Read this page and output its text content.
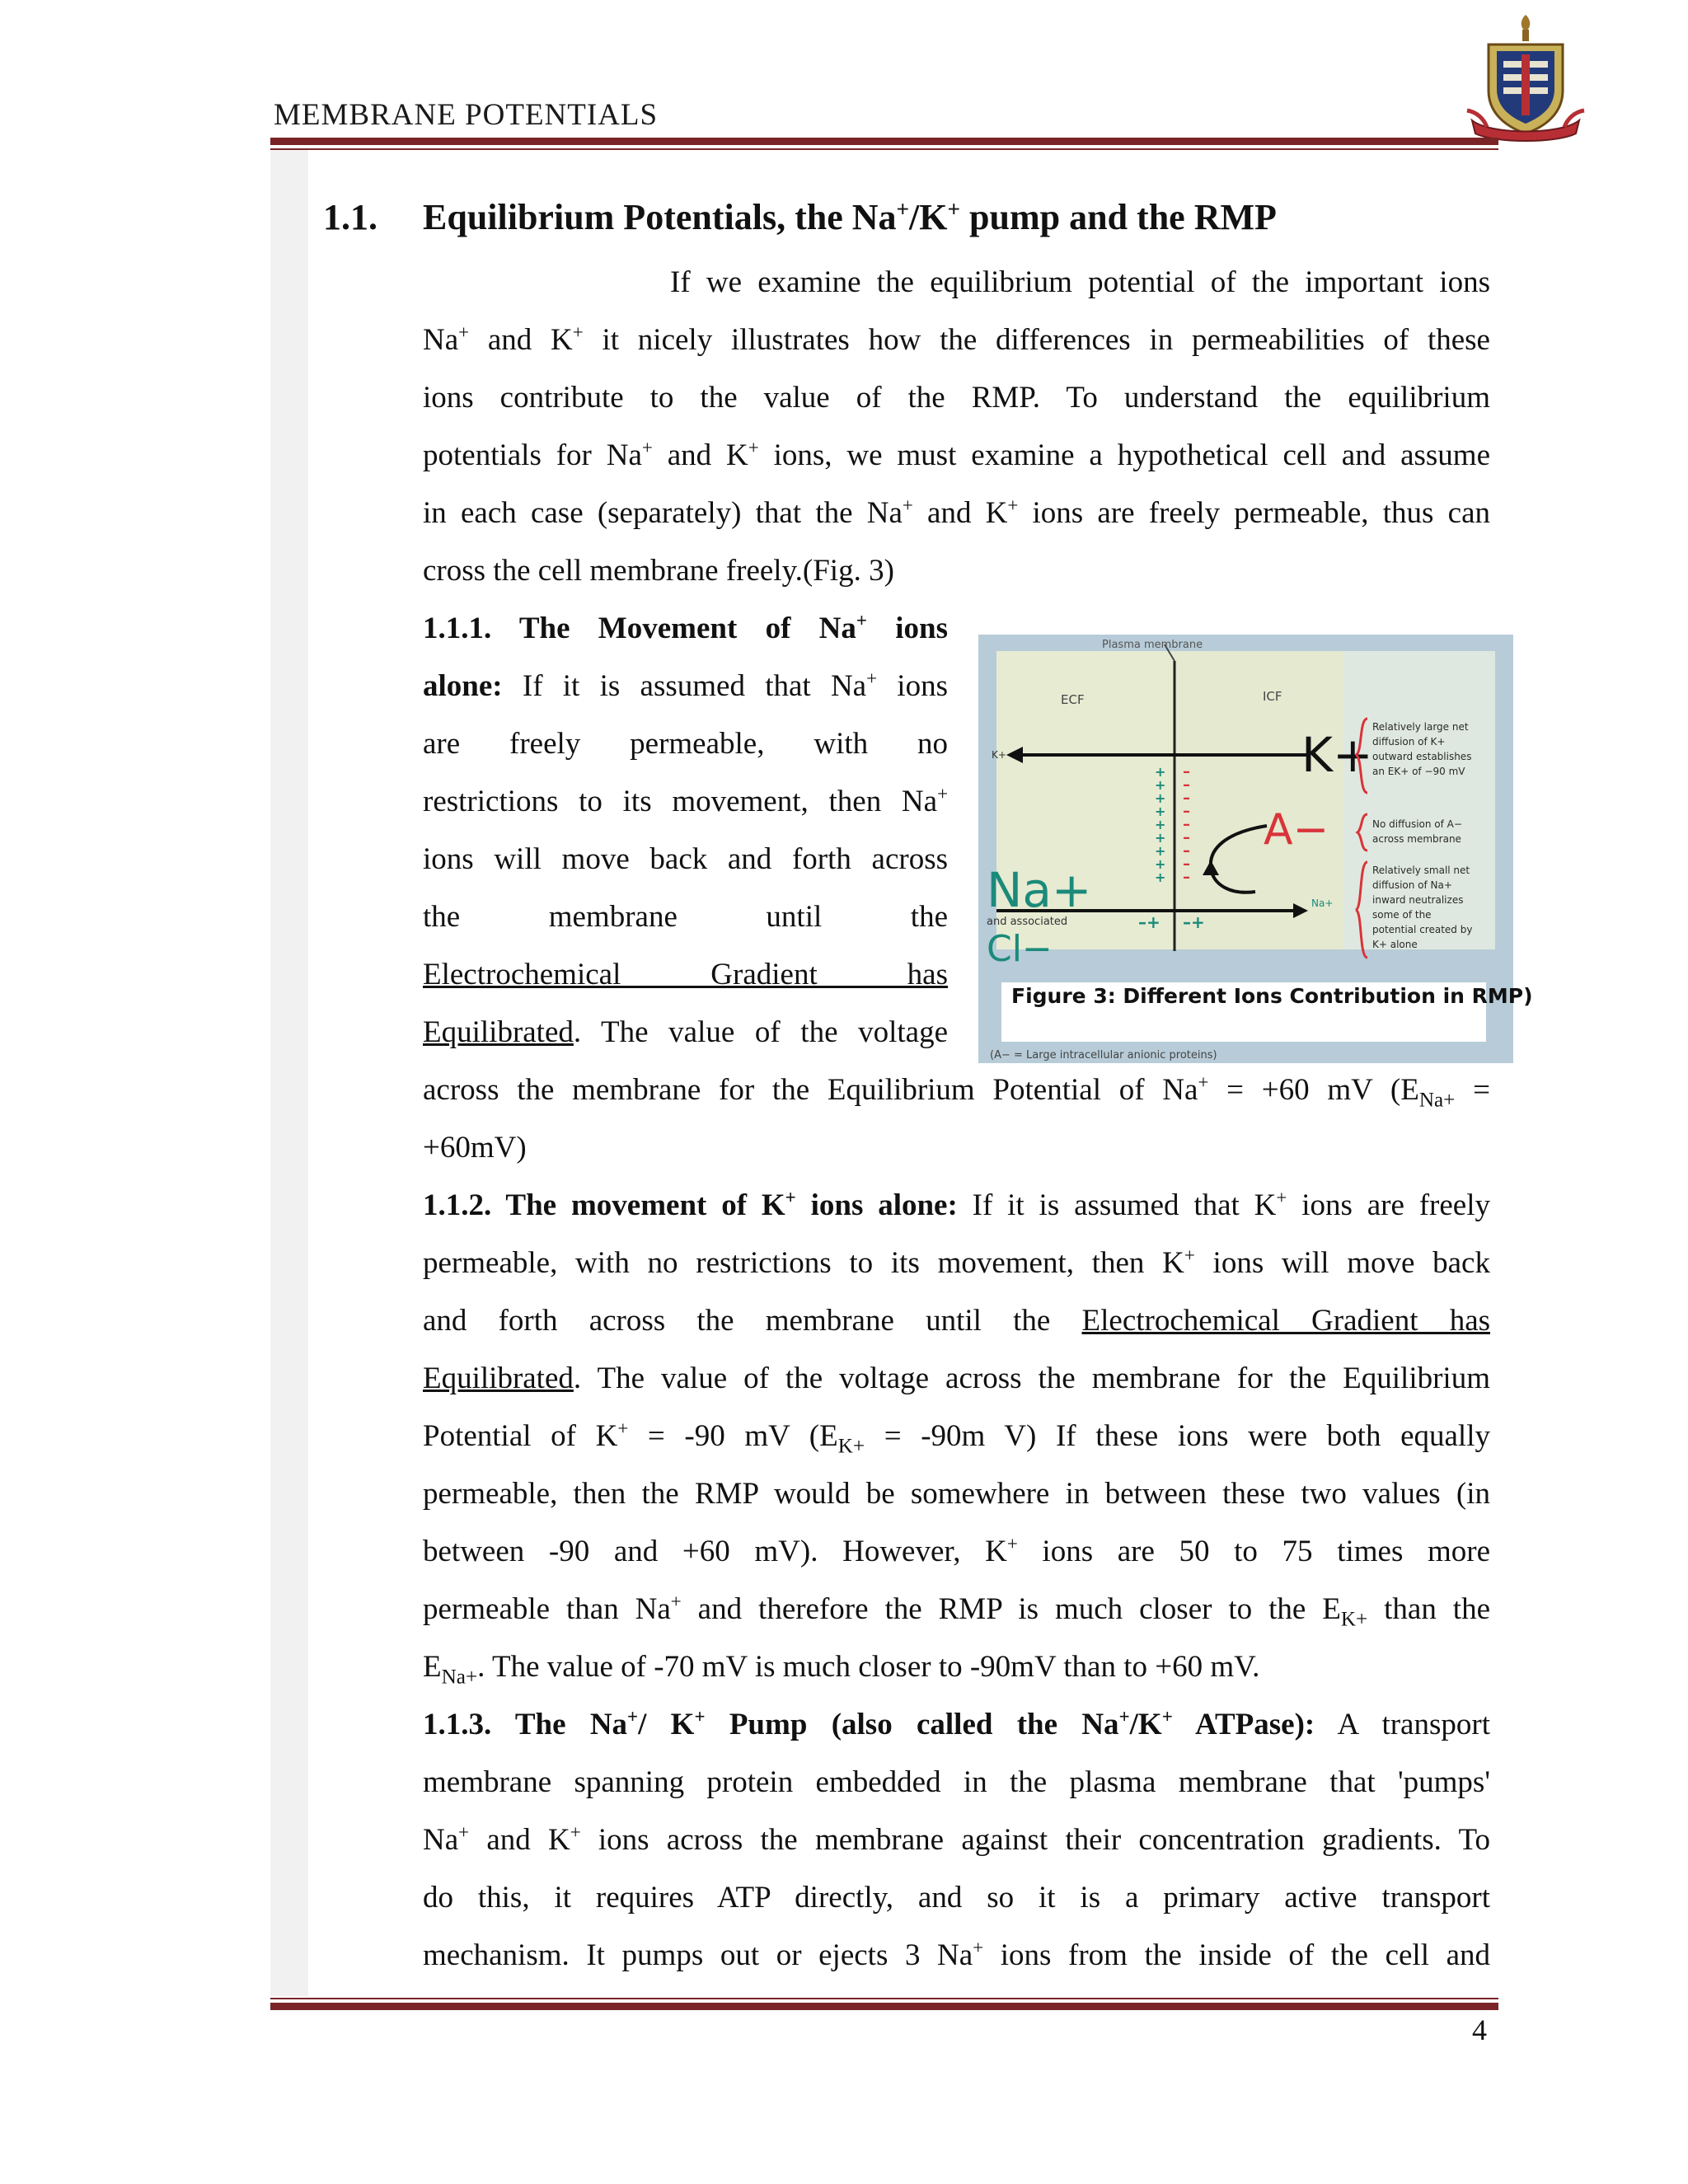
MEMBRANE POTENTIALS
1.1. Equilibrium Potentials, the Na+/K+ pump and the RMP
If we examine the equilibrium potential of the important ions
Na+ and K+ it nicely illustrates how the differences in permeabilities of these
ions contribute to the value of the RMP. To understand the equilibrium
potentials for Na+ and K+ ions, we must examine a hypothetical cell and assume
in each case (separately) that the Na+ and K+ ions are freely permeable, thus can
cross the cell membrane freely.(Fig. 3)
1.1.1. The Movement of Na+ ions
alone: If it is assumed that Na+ ions
are freely permeable, with no
restrictions to its movement, then Na+
ions will move back and forth across
the membrane until the
Electrochemical Gradient has
Equilibrated. The value of the voltage
across the membrane for the Equilibrium Potential of Na+ = +60 mV ($E_{Na+}$ =
+60mV)
1.1.2. The movement of K+ ions alone: If it is assumed that K+ ions are freely
permeable, with no restrictions to its movement, then K+ ions will move back
and forth across the membrane until the Electrochemical Gradient has
Equilibrated. The value of the voltage across the membrane for the Equilibrium
Potential of K+ = -90 mV ($E_{K+} = -90m$ V) If these ions were both equally
permeable, then the RMP would be somewhere in between these two values (in
between -90 and +60 mV). However, K+ ions are 50 to 75 times more
permeable than Na+ and therefore the RMP is much closer to the $E_{K+}$ than the
$E_{Na+}$. The value of -70 mV is much closer to -90mV than to +60 mV.
1.1.3. The Na+/ K+ Pump (also called the Na+/K+ ATPase): A transport
membrane spanning protein embedded in the plasma membrane that 'pumps'
Na+ and K+ ions across the membrane against their concentration gradients. To
do this, it requires ATP directly, and so it is a primary active transport
mechanism. It pumps out or ejects 3 Na+ ions from the inside of the cell and
Plasma membrane
ECF	ICF
K+	K+
+
+
+
+
+
+
+
+
+
–
–
–
–
–
–
–
–
–
–+ –+
A−
Na+
and associated
Cl−
Na+
Relatively large net
diffusion of K+
outward establishes
an EK+ of −90 mV
No diffusion of A−
across membrane
Relatively small net
diffusion of Na+
inward neutralizes
some of the
potential created by
K+ alone
(A− = Large intracellular anionic proteins)
Figure 3: Different Ions Contribution in RMP)
4
